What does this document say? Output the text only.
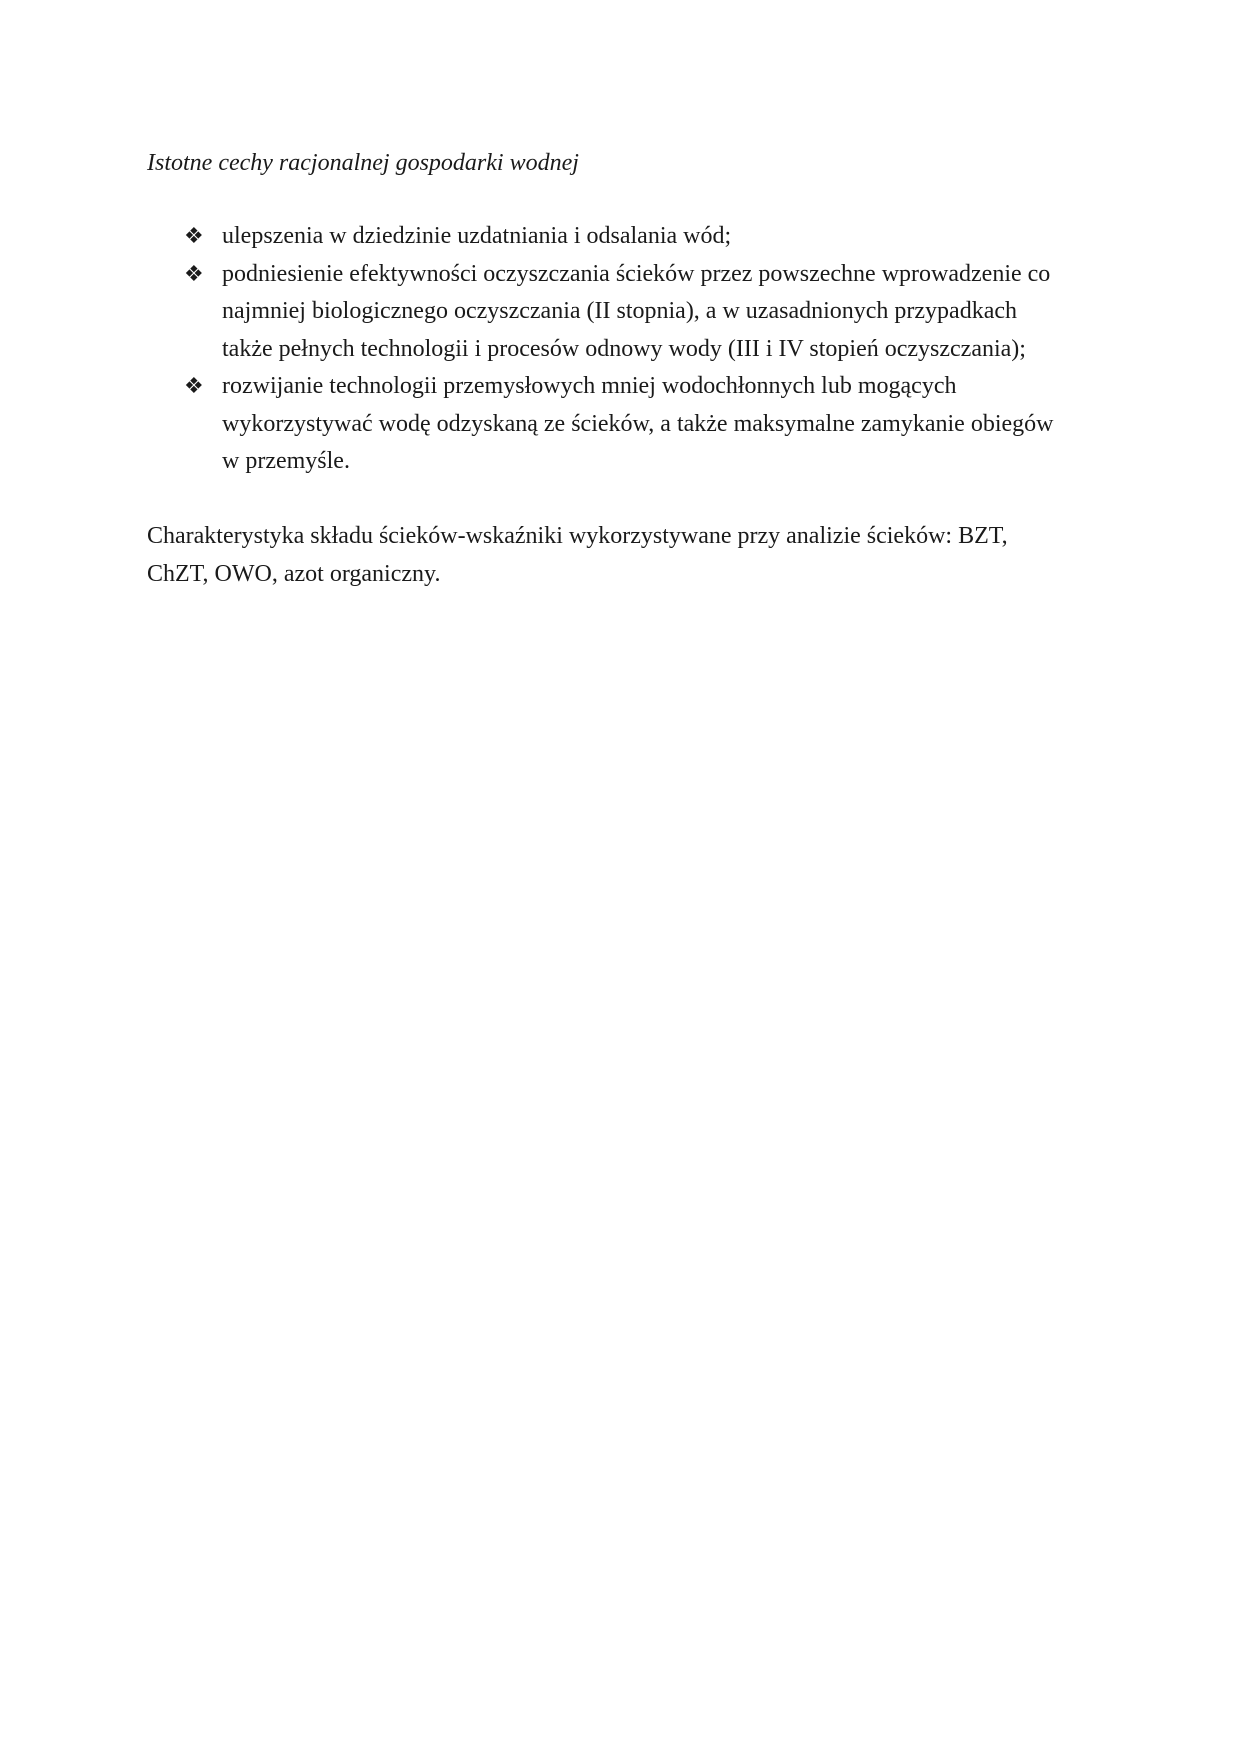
Istotne cechy racjonalnej gospodarki wodnej
❖ ulepszenia w dziedzinie uzdatniania i odsalania wód;
❖ podniesienie efektywności oczyszczania ścieków przez powszechne wprowadzenie co
najmniej biologicznego oczyszczania (II stopnia), a w uzasadnionych przypadkach
także pełnych technologii i procesów odnowy wody (III i IV stopień oczyszczania);
❖ rozwijanie technologii przemysłowych mniej wodochłonnych lub mogących
wykorzystywać wodę odzyskaną ze ścieków, a także maksymalne zamykanie obiegów
w przemyśle.
Charakterystyka składu ścieków-wskaźniki wykorzystywane przy analizie ścieków: BZT,
ChZT, OWO, azot organiczny.
